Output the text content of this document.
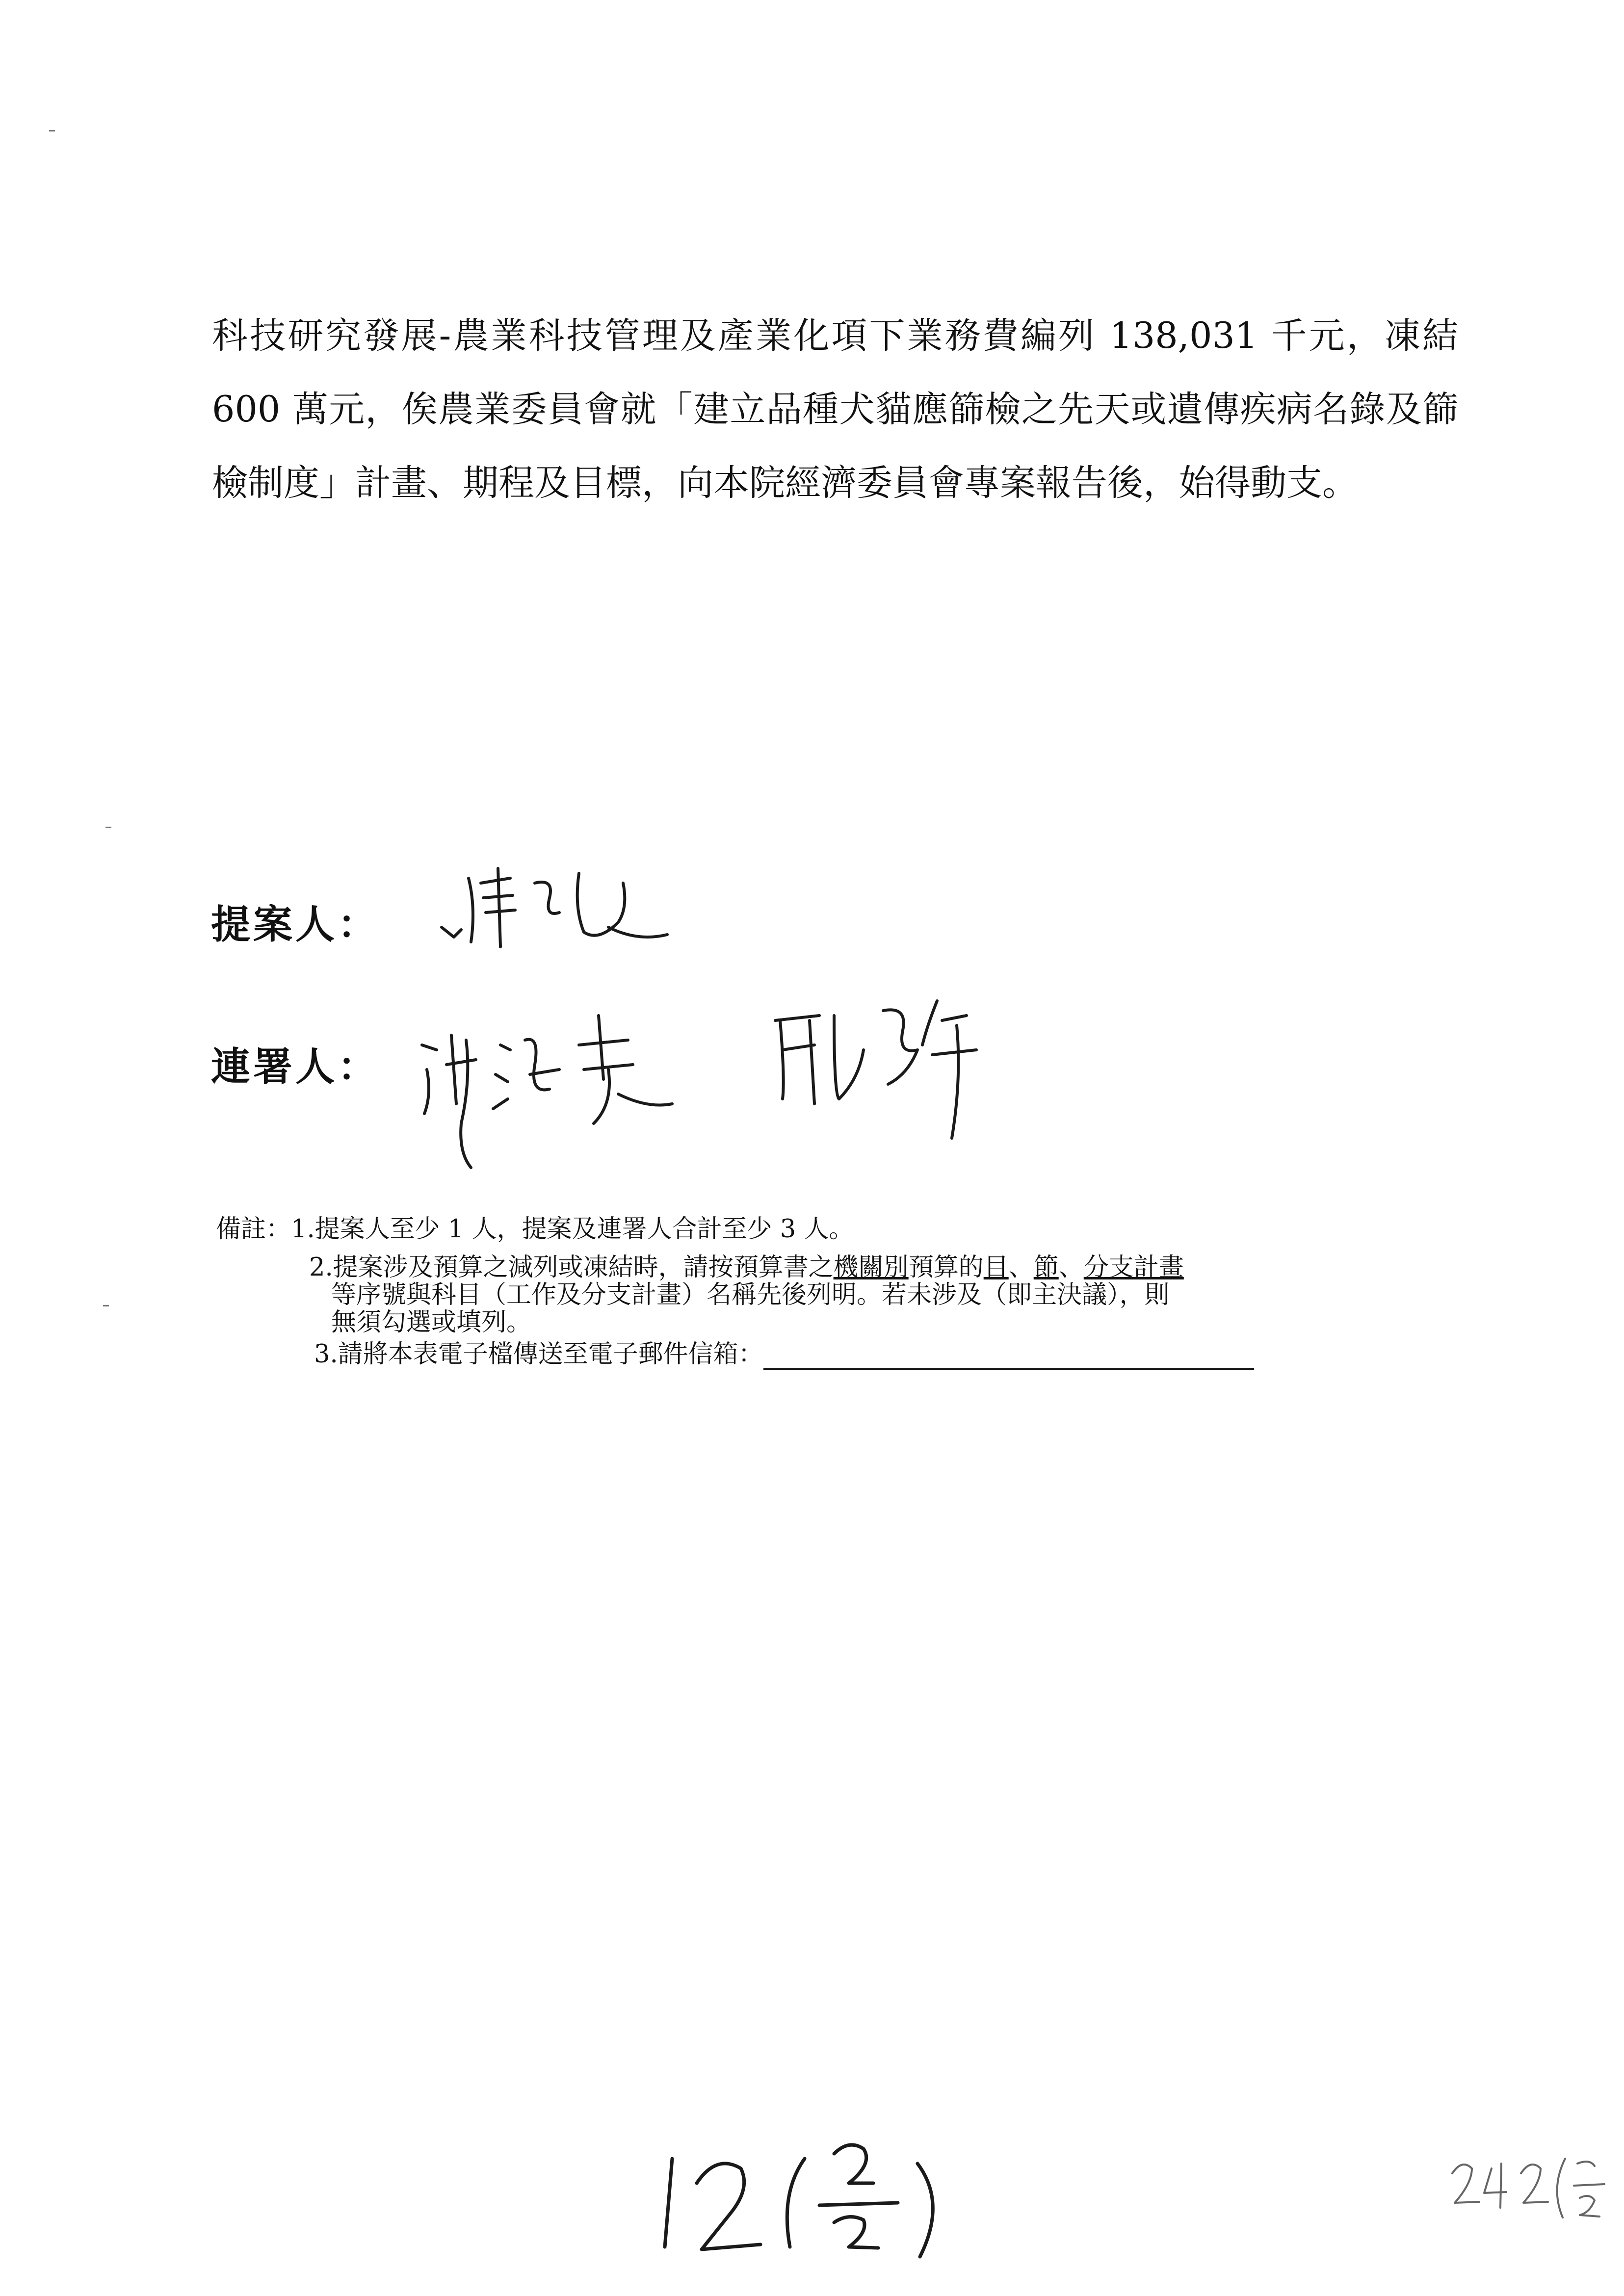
科技研究發展-農業科技管理及產業化項下業務費編列 138,031 千元，凍結 600 萬元，俟農業委員會就「建立品種犬貓應篩檢之先天或遺傳疾病名錄及篩檢制度」計畫、期程及目標，向本院經濟委員會專案報告後，始得動支。

提案人：
連署人：
備註：1.提案人至少 1 人，提案及連署人合計至少 3 人。
2.提案涉及預算之減列或凍結時，請按預算書之機關別預算的目、節、分支計畫
等序號與科目（工作及分支計畫）名稱先後列明。若未涉及（即主決議），則
無須勾選或填列。
3.請將本表電子檔傳送至電子郵件信箱：
